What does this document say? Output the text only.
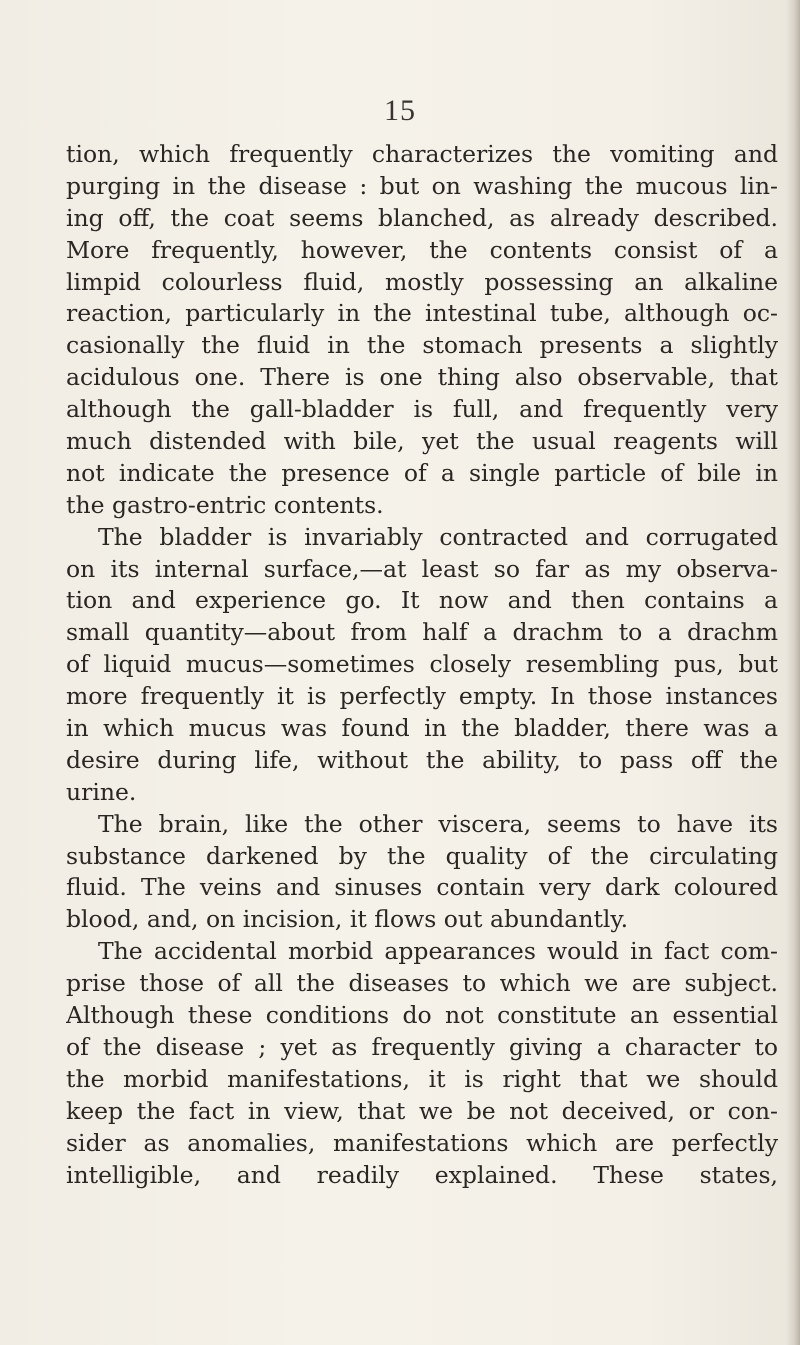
15
tion, which frequently characterizes the vomiting and
purging in the disease : but on washing the mucous lin-
ing off, the coat seems blanched, as already described.
More frequently, however, the contents consist of a
limpid colourless fluid, mostly possessing an alkaline
reaction, particularly in the intestinal tube, although oc-
casionally the fluid in the stomach presents a slightly
acidulous one. There is one thing also observable, that
although the gall-bladder is full, and frequently very
much distended with bile, yet the usual reagents will
not indicate the presence of a single particle of bile in
the gastro-entric contents.
The bladder is invariably contracted and corrugated
on its internal surface,—at least so far as my observa-
tion and experience go. It now and then contains a
small quantity—about from half a drachm to a drachm
of liquid mucus—sometimes closely resembling pus, but
more frequently it is perfectly empty. In those instances
in which mucus was found in the bladder, there was a
desire during life, without the ability, to pass off the
urine.
The brain, like the other viscera, seems to have its
substance darkened by the quality of the circulating
fluid. The veins and sinuses contain very dark coloured
blood, and, on incision, it flows out abundantly.
The accidental morbid appearances would in fact com-
prise those of all the diseases to which we are subject.
Although these conditions do not constitute an essential
of the disease ; yet as frequently giving a character to
the morbid manifestations, it is right that we should
keep the fact in view, that we be not deceived, or con-
sider as anomalies, manifestations which are perfectly
intelligible, and readily explained. These states,
